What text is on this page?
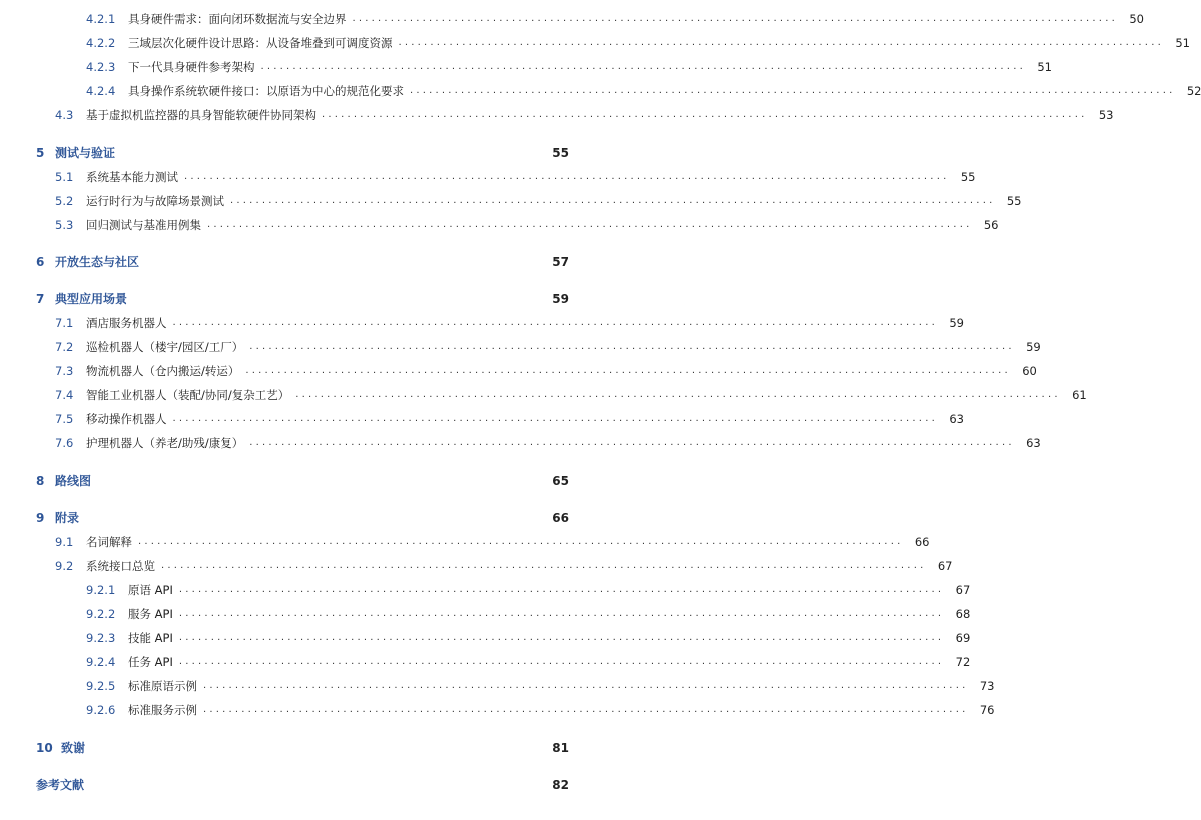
4.2.1	具身硬件需求：面向闭环数据流与安全边界 ........................................................................................................................ 50
4.2.2	三域层次化硬件设计思路：从设备堆叠到可调度资源 ........................................................................................................................ 51
4.2.3	下一代具身硬件参考架构 ........................................................................................................................ 51
4.2.4	具身操作系统软硬件接口：以原语为中心的规范化要求 ........................................................................................................................ 52
4.3	基于虚拟机监控器的具身智能软硬件协同架构 ........................................................................................................................ 53
5 测试与验证	55
5.1	系统基本能力测试 ........................................................................................................................ 55
5.2	运行时行为与故障场景测试 ........................................................................................................................ 55
5.3	回归测试与基准用例集 ........................................................................................................................ 56
6 开放生态与社区	57
7 典型应用场景	59
7.1	酒店服务机器人 ........................................................................................................................ 59
7.2	巡检机器人（楼宇/园区/工厂） ........................................................................................................................ 59
7.3	物流机器人（仓内搬运/转运） ........................................................................................................................ 60
7.4	智能工业机器人（装配/协同/复杂工艺） ........................................................................................................................ 61
7.5	移动操作机器人 ........................................................................................................................ 63
7.6	护理机器人（养老/助残/康复） ........................................................................................................................ 63
8 路线图	65
9 附录	66
9.1	名词解释 ........................................................................................................................ 66
9.2	系统接口总览 ........................................................................................................................ 67
9.2.1	原语 API ........................................................................................................................ 67
9.2.2	服务 API ........................................................................................................................ 68
9.2.3	技能 API ........................................................................................................................ 69
9.2.4	任务 API ........................................................................................................................ 72
9.2.5	标准原语示例 ........................................................................................................................ 73
9.2.6	标准服务示例 ........................................................................................................................ 76
10 致谢	81
参考文献	82
